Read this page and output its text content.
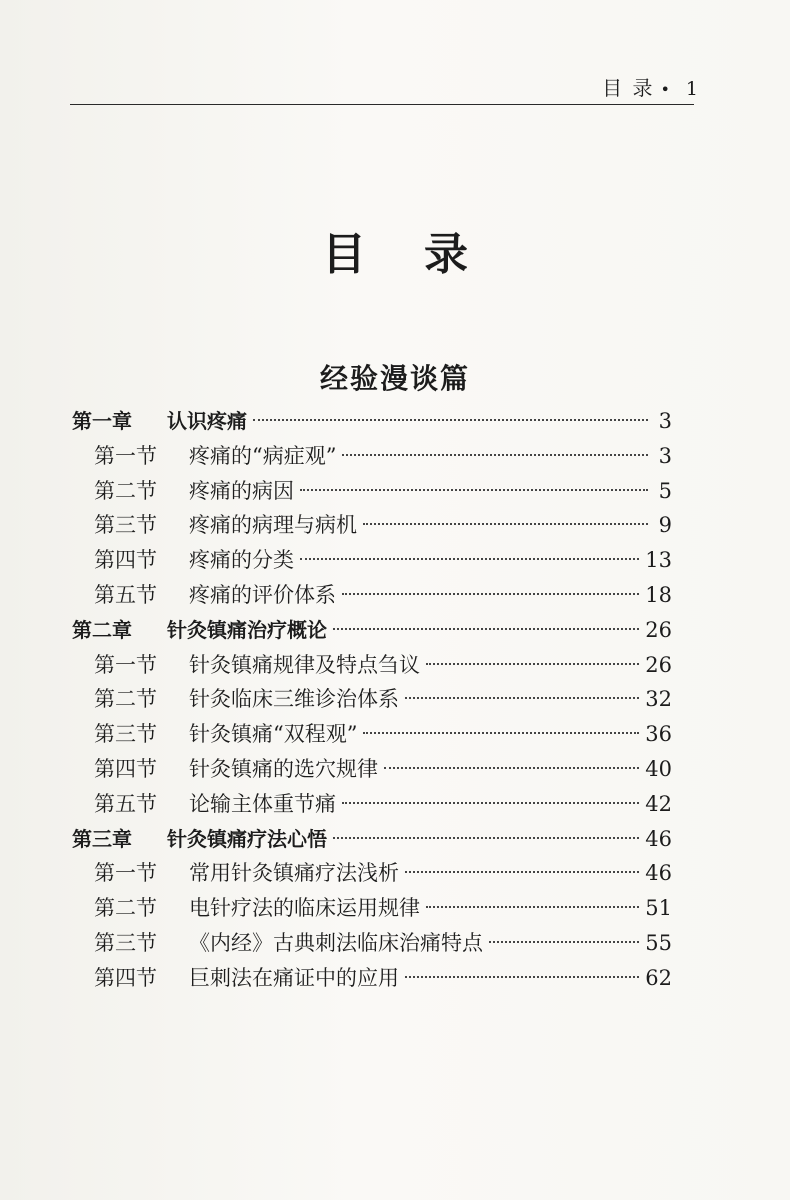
目 录 • 1
目录
经验漫谈篇
第一章	认识疼痛	3
第一节	疼痛的“病症观”	3
第二节	疼痛的病因	5
第三节	疼痛的病理与病机	9
第四节	疼痛的分类	13
第五节	疼痛的评价体系	18
第二章	针灸镇痛治疗概论	26
第一节	针灸镇痛规律及特点刍议	26
第二节	针灸临床三维诊治体系	32
第三节	针灸镇痛“双程观”	36
第四节	针灸镇痛的选穴规律	40
第五节	论输主体重节痛	42
第三章	针灸镇痛疗法心悟	46
第一节	常用针灸镇痛疗法浅析	46
第二节	电针疗法的临床运用规律	51
第三节	《内经》古典刺法临床治痛特点	55
第四节	巨刺法在痛证中的应用	62
